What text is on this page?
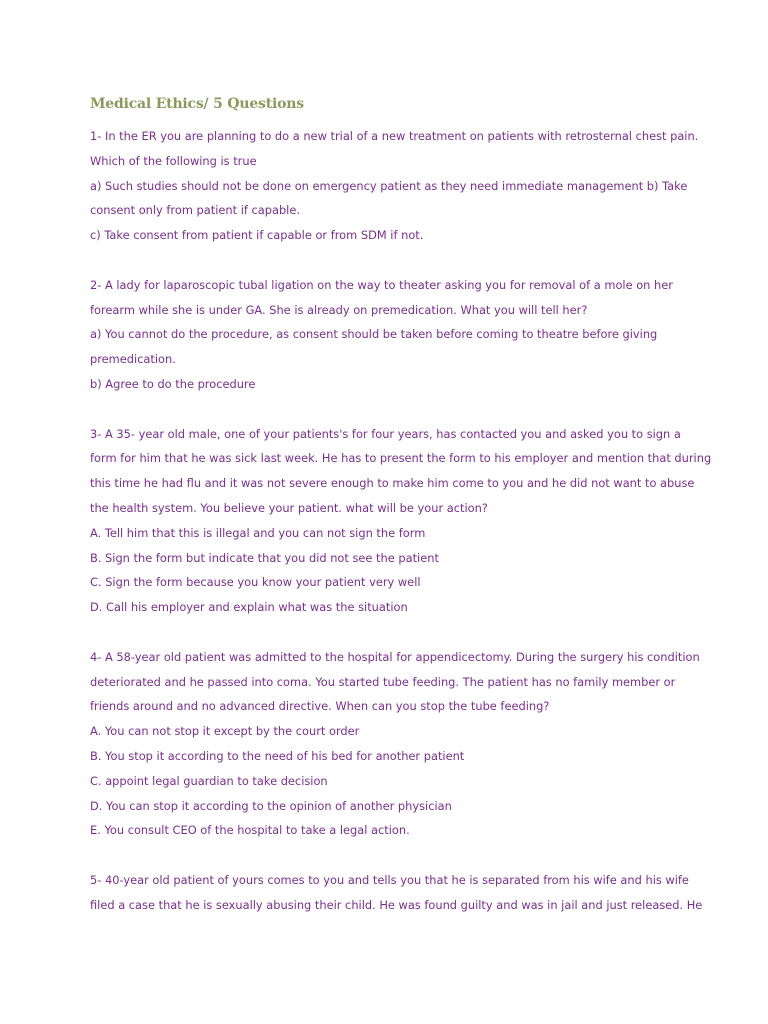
Medical Ethics/ 5 Questions
1- In the ER you are planning to do a new trial of a new treatment on patients with retrosternal chest pain.
Which of the following is true
a) Such studies should not be done on emergency patient as they need immediate management b) Take
consent only from patient if capable.
c) Take consent from patient if capable or from SDM if not.
2- A lady for laparoscopic tubal ligation on the way to theater asking you for removal of a mole on her
forearm while she is under GA. She is already on premedication. What you will tell her?
a) You cannot do the procedure, as consent should be taken before coming to theatre before giving
premedication.
b) Agree to do the procedure
3- A 35- year old male, one of your patients's for four years, has contacted you and asked you to sign a
form for him that he was sick last week. He has to present the form to his employer and mention that during
this time he had flu and it was not severe enough to make him come to you and he did not want to abuse
the health system. You believe your patient. what will be your action?
A. Tell him that this is illegal and you can not sign the form
B. Sign the form but indicate that you did not see the patient
C. Sign the form because you know your patient very well
D. Call his employer and explain what was the situation
4- A 58-year old patient was admitted to the hospital for appendicectomy. During the surgery his condition
deteriorated and he passed into coma. You started tube feeding. The patient has no family member or
friends around and no advanced directive. When can you stop the tube feeding?
A. You can not stop it except by the court order
B. You stop it according to the need of his bed for another patient
C. appoint legal guardian to take decision
D. You can stop it according to the opinion of another physician
E. You consult CEO of the hospital to take a legal action.
5- 40-year old patient of yours comes to you and tells you that he is separated from his wife and his wife
filed a case that he is sexually abusing their child. He was found guilty and was in jail and just released. He
